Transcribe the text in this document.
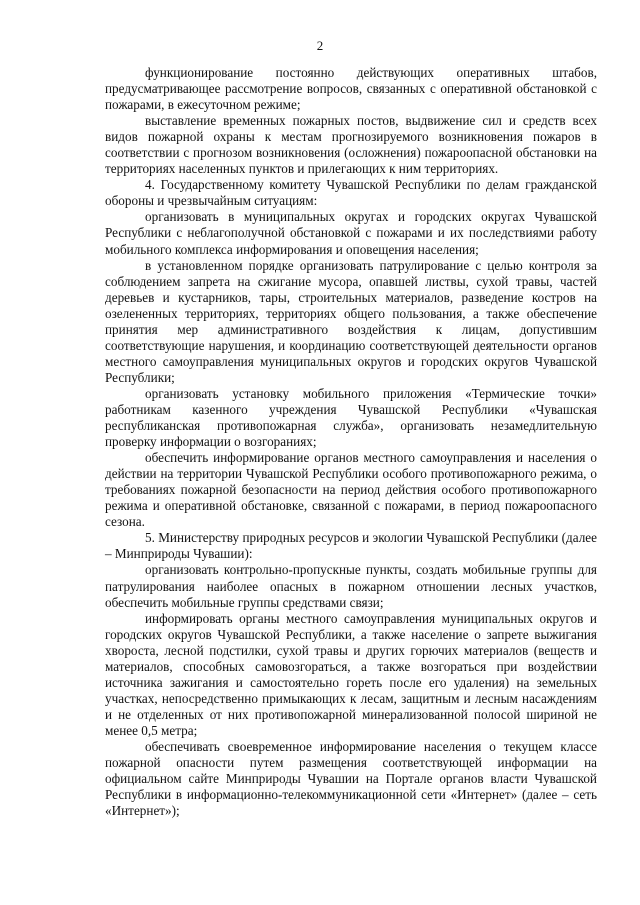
2

функционирование постоянно действующих оперативных штабов, предусматривающее рассмотрение вопросов, связанных с оперативной обстановкой с пожарами, в ежесуточном режиме;

выставление временных пожарных постов, выдвижение сил и средств всех видов пожарной охраны к местам прогнозируемого возникновения пожаров в соответствии с прогнозом возникновения (осложнения) пожароопасной обстановки на территориях населенных пунктов и прилегающих к ним территориях.

4. Государственному комитету Чувашской Республики по делам гражданской обороны и чрезвычайным ситуациям:

организовать в муниципальных округах и городских округах Чувашской Республики с неблагополучной обстановкой с пожарами и их последствиями работу мобильного комплекса информирования и оповещения населения;

в установленном порядке организовать патрулирование с целью контроля за соблюдением запрета на сжигание мусора, опавшей листвы, сухой травы, частей деревьев и кустарников, тары, строительных материалов, разведение костров на озелененных территориях, территориях общего пользования, а также обеспечение принятия мер административного воздействия к лицам, допустившим соответствующие нарушения, и координацию соответствующей деятельности органов местного самоуправления муниципальных округов и городских округов Чувашской Республики;

организовать установку мобильного приложения «Термические точки» работникам казенного учреждения Чувашской Республики «Чувашская республиканская противопожарная служба», организовать незамедлительную проверку информации о возгораниях;

обеспечить информирование органов местного самоуправления и населения о действии на территории Чувашской Республики особого противопожарного режима, о требованиях пожарной безопасности на период действия особого противопожарного режима и оперативной обстановке, связанной с пожарами, в период пожароопасного сезона.

5. Министерству природных ресурсов и экологии Чувашской Республики (далее – Минприроды Чувашии):

организовать контрольно-пропускные пункты, создать мобильные группы для патрулирования наиболее опасных в пожарном отношении лесных участков, обеспечить мобильные группы средствами связи;

информировать органы местного самоуправления муниципальных округов и городских округов Чувашской Республики, а также население о запрете выжигания хвороста, лесной подстилки, сухой травы и других горючих материалов (веществ и материалов, способных самовозгораться, а также возгораться при воздействии источника зажигания и самостоятельно гореть после его удаления) на земельных участках, непосредственно примыкающих к лесам, защитным и лесным насаждениям и не отделенных от них противопожарной минерализованной полосой шириной не менее 0,5 метра;

обеспечивать своевременное информирование населения о текущем классе пожарной опасности путем размещения соответствующей информации на официальном сайте Минприроды Чувашии на Портале органов власти Чувашской Республики в информационно-телекоммуникационной сети «Интернет» (далее – сеть «Интернет»);
